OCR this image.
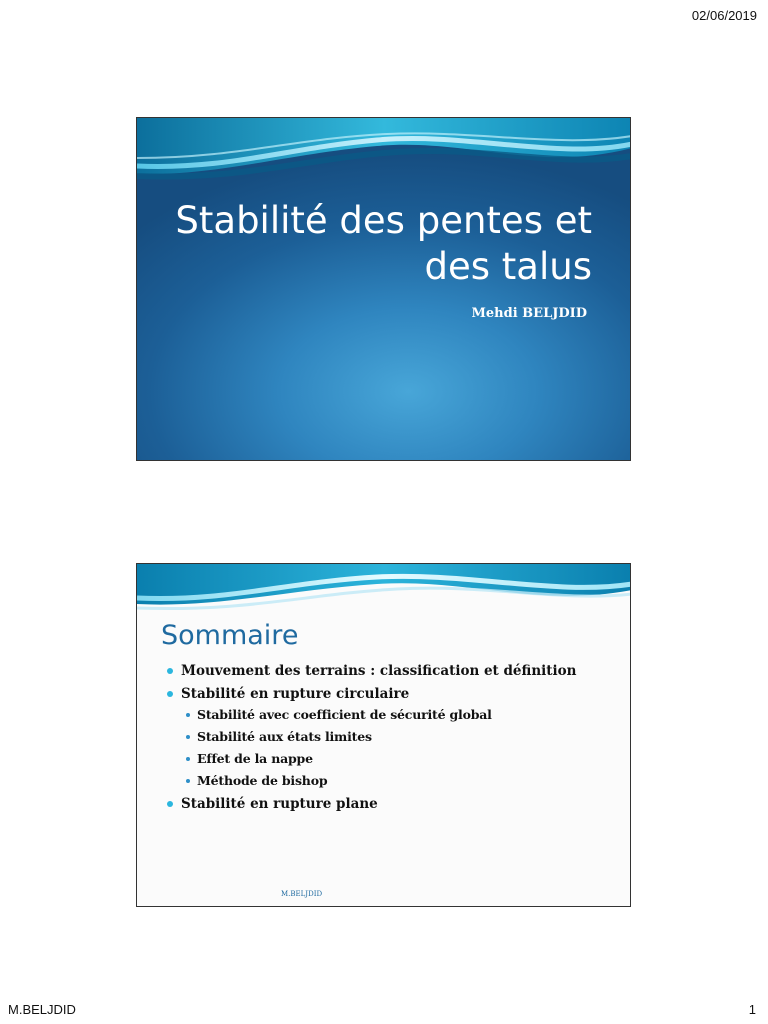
02/06/2019
Stabilité des pentes et des talus
Mehdi BELJDID
Sommaire
Mouvement des terrains : classification et définition
Stabilité en rupture circulaire
Stabilité avec coefficient de sécurité global
Stabilité aux états limites
Effet de la nappe
Méthode de bishop
Stabilité en rupture plane
M.BELJDID
M.BELJDID	1
